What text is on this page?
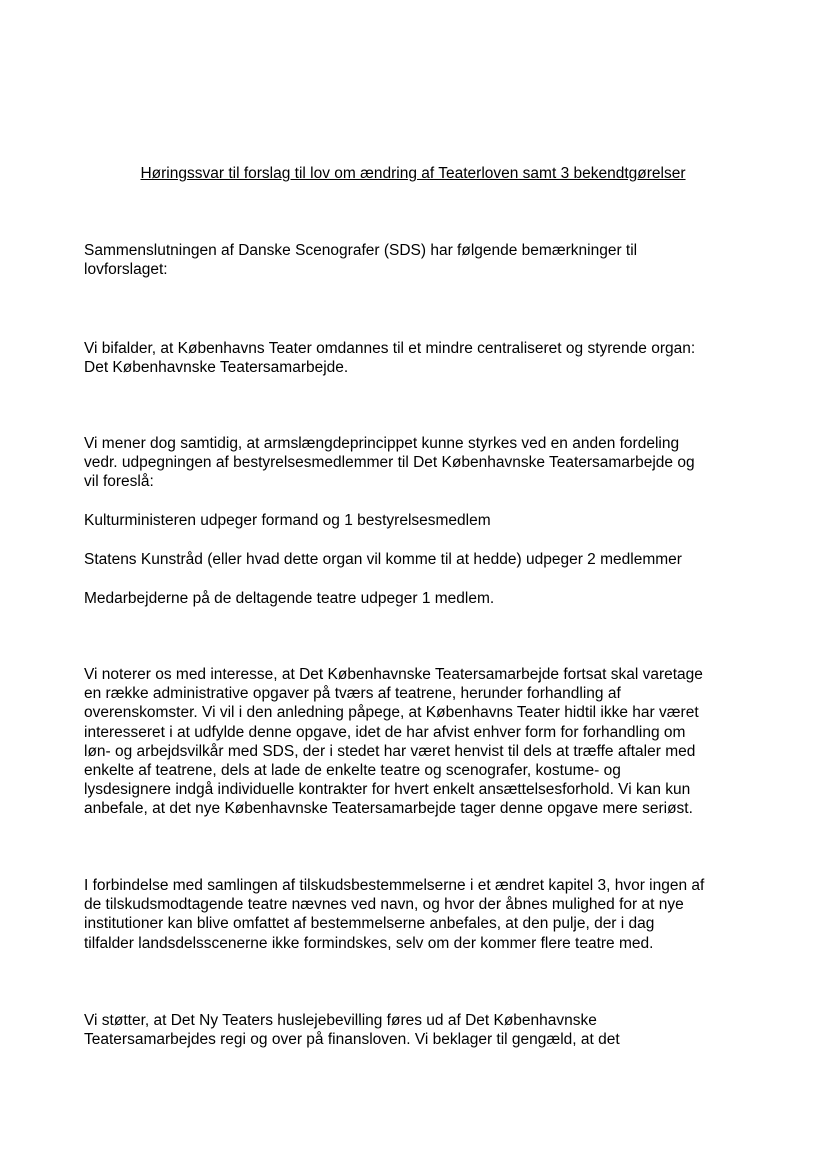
Høringssvar til forslag til lov om ændring af Teaterloven samt 3 bekendtgørelser

Sammenslutningen af Danske Scenografer (SDS) har følgende bemærkninger til
lovforslaget:

Vi bifalder, at Københavns Teater omdannes til et mindre centraliseret og styrende organ:
Det Københavnske Teatersamarbejde.

Vi mener dog samtidig, at armslængdeprincippet kunne styrkes ved en anden fordeling
vedr. udpegningen af bestyrelsesmedlemmer til Det Københavnske Teatersamarbejde og
vil foreslå:

Kulturministeren udpeger formand og 1 bestyrelsesmedlem

Statens Kunstråd (eller hvad dette organ vil komme til at hedde) udpeger 2 medlemmer

Medarbejderne på de deltagende teatre udpeger 1 medlem.

Vi noterer os med interesse, at Det Københavnske Teatersamarbejde fortsat skal varetage
en række administrative opgaver på tværs af teatrene, herunder forhandling af
overenskomster. Vi vil i den anledning påpege, at Københavns Teater hidtil ikke har været
interesseret i at udfylde denne opgave, idet de har afvist enhver form for forhandling om
løn- og arbejdsvilkår med SDS, der i stedet har været henvist til dels at træffe aftaler med
enkelte af teatrene, dels at lade de enkelte teatre og scenografer, kostume- og
lysdesignere indgå individuelle kontrakter for hvert enkelt ansættelsesforhold. Vi kan kun
anbefale, at det nye Københavnske Teatersamarbejde tager denne opgave mere seriøst.

I forbindelse med samlingen af tilskudsbestemmelserne i et ændret kapitel 3, hvor ingen af
de tilskudsmodtagende teatre nævnes ved navn, og hvor der åbnes mulighed for at nye
institutioner kan blive omfattet af bestemmelserne anbefales, at den pulje, der i dag
tilfalder landsdelsscenerne ikke formindskes, selv om der kommer flere teatre med.

Vi støtter, at Det Ny Teaters huslejebevilling føres ud af Det Københavnske
Teatersamarbejdes regi og over på finansloven. Vi beklager til gengæld, at det
